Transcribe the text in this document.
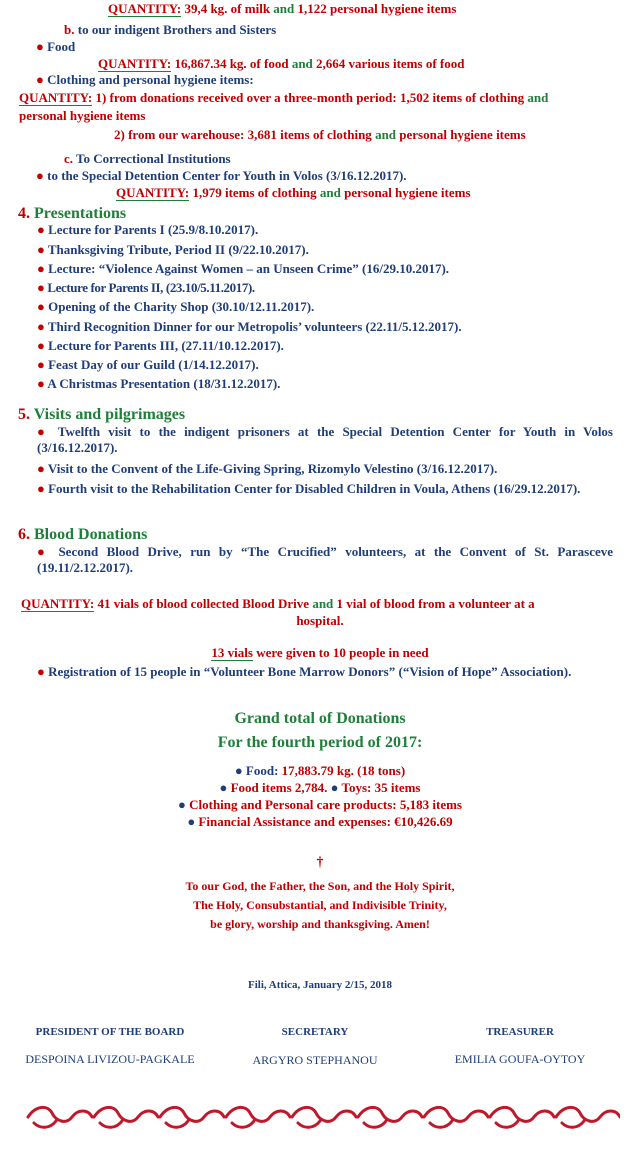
QUANTITY: 39,4 kg. of milk and 1,122 personal hygiene items
b. to our indigent Brothers and Sisters
● Food
QUANTITY: 16,867.34 kg. of food and 2,664 various items of food
● Clothing and personal hygiene items:
QUANTITY: 1) from donations received over a three-month period: 1,502 items of clothing and
personal hygiene items
2) from our warehouse: 3,681 items of clothing and personal hygiene items
c. To Correctional Institutions
● to the Special Detention Center for Youth in Volos (3/16.12.2017).
QUANTITY: 1,979 items of clothing and personal hygiene items
4. Presentations
● Lecture for Parents I (25.9/8.10.2017).
● Thanksgiving Tribute, Period II (9/22.10.2017).
● Lecture: “Violence Against Women – an Unseen Crime” (16/29.10.2017).
● Lecture for Parents II, (23.10/5.11.2017).
● Opening of the Charity Shop (30.10/12.11.2017).
● Third Recognition Dinner for our Metropolis’ volunteers (22.11/5.12.2017).
● Lecture for Parents III, (27.11/10.12.2017).
● Feast Day of our Guild (1/14.12.2017).
● A Christmas Presentation (18/31.12.2017).
5. Visits and pilgrimages
● Twelfth visit to the indigent prisoners at the Special Detention Center for Youth in Volos (3/16.12.2017).
● Visit to the Convent of the Life-Giving Spring, Rizomylo Velestino (3/16.12.2017).
● Fourth visit to the Rehabilitation Center for Disabled Children in Voula, Athens (16/29.12.2017).
6. Blood Donations
● Second Blood Drive, run by “The Crucified” volunteers, at the Convent of St. Parasceve (19.11/2.12.2017).
QUANTITY: 41 vials of blood collected Blood Drive and 1 vial of blood from a volunteer at a
hospital.
13 vials were given to 10 people in need
● Registration of 15 people in “Volunteer Bone Marrow Donors” (“Vision of Hope” Association).
Grand total of Donations
For the fourth period of 2017:
● Food: 17,883.79 kg. (18 tons)
● Food items 2,784. ● Toys: 35 items
● Clothing and Personal care products: 5,183 items
● Financial Assistance and expenses: €10,426.69
†
To our God, the Father, the Son, and the Holy Spirit,
The Holy, Consubstantial, and Indivisible Trinity,
be glory, worship and thanksgiving. Amen!
Fili, Attica, January 2/15, 2018
PRESIDENT OF THE BOARD	SECRETARY	TREASURER
DESPOINA LIVIZOU-PAGKALE	ARGYRO STEPHANOU	EMILIA GOUFA-OYTOY
